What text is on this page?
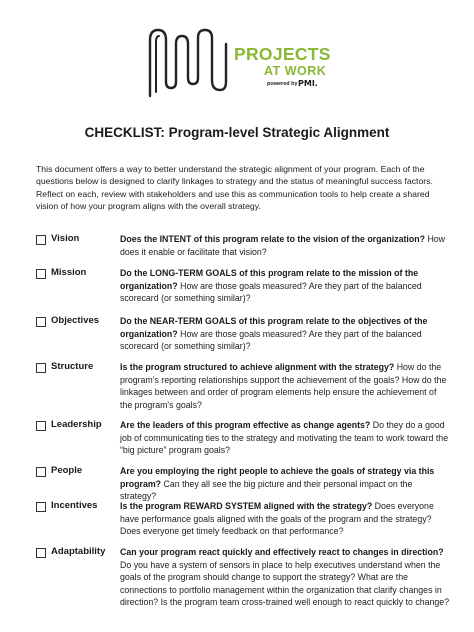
PROJECTS
AT WORK
powered by PMI.
CHECKLIST: Program-level Strategic Alignment
This document offers a way to better understand the strategic alignment of your program. Each of the questions below is designed to clarify linkages to strategy and the status of meaningful success factors. Reflect on each, review with stakeholders and use this as communication tools to help create a shared vision of how your program aligns with the overall strategy.
Vision	Does the INTENT of this program relate to the vision of the organization? How does it enable or facilitate that vision?
Mission	Do the LONG-TERM GOALS of this program relate to the mission of the organization? How are those goals measured? Are they part of the balanced scorecard (or something similar)?
Objectives Do the NEAR-TERM GOALS of this program relate to the objectives of the organization? How are those goals measured? Are they part of the balanced scorecard (or something similar)?
Structure	Is the program structured to achieve alignment with the strategy? How do the program's reporting relationships support the achievement of the goals? How do the linkages between and order of program elements help ensure the achievement of the program's goals?
Leadership Are the leaders of this program effective as change agents? Do they do a good job of communicating ties to the strategy and motivating the team to work toward the “big picture” program goals?
People	Are you employing the right people to achieve the goals of strategy via this program? Can they all see the big picture and their personal impact on the strategy?
Incentives	Is the program REWARD SYSTEM aligned with the strategy? Does everyone have performance goals aligned with the goals of the program and the strategy? Does everyone get timely feedback on that performance?
Adaptability Can your program react quickly and effectively react to changes in direction? Do you have a system of sensors in place to help executives understand when the goals of the program should change to support the strategy? What are the connections to portfolio management within the organization that clarify changes in direction? Is the program team cross-trained well enough to react quickly to change?
